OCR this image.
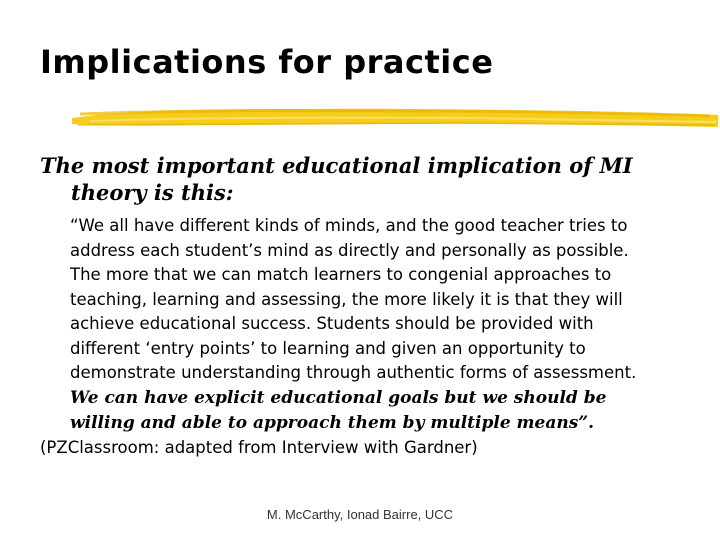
Implications for practice

The most important educational implication of MI
theory is this:

“We all have different kinds of minds, and the good teacher tries to
address each student’s mind as directly and personally as possible.
The more that we can match learners to congenial approaches to
teaching, learning and assessing, the more likely it is that they will
achieve educational success. Students should be provided with
different ‘entry points’ to learning and given an opportunity to
demonstrate understanding through authentic forms of assessment.
We can have explicit educational goals but we should be
willing and able to approach them by multiple means”.

(PZClassroom: adapted from Interview with Gardner)

M. McCarthy, Ionad Bairre, UCC
